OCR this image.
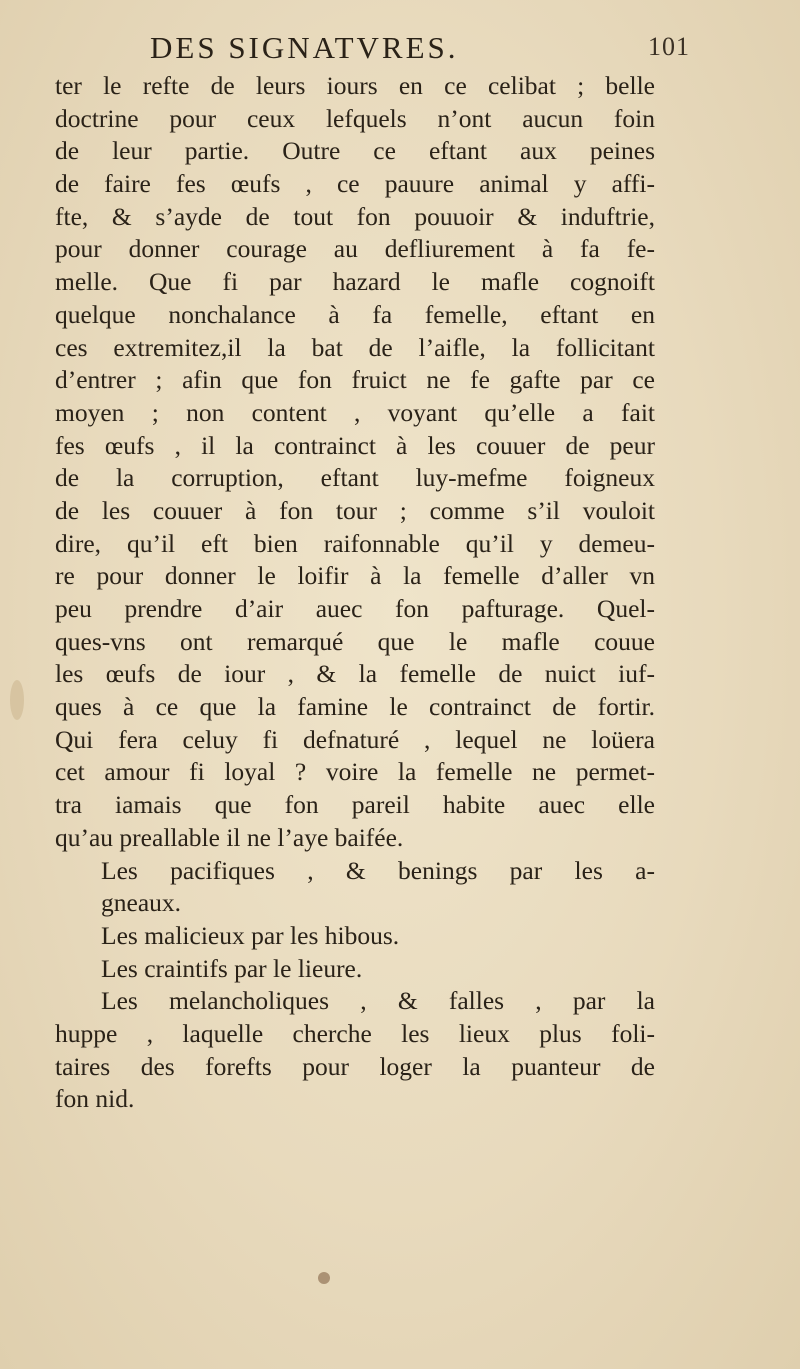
DES SIGNATVRES.	101
ter le refte de leurs iours en ce celibat ; belle
doctrine pour ceux lefquels n’ont aucun foin
de leur partie. Outre ce eftant aux peines
de faire fes œufs , ce pauure animal y affi-
fte, & s’ayde de tout fon pouuoir & induftrie,
pour donner courage au defliurement à fa fe-
melle. Que fi par hazard le mafle cognoift
quelque nonchalance à fa femelle, eftant en
ces extremitez,il la bat de l’aifle, la follicitant
d’entrer ; afin que fon fruict ne fe gafte par ce
moyen ; non content , voyant qu’elle a fait
fes œufs , il la contrainct à les couuer de peur
de la corruption, eftant luy-mefme foigneux
de les couuer à fon tour ; comme s’il vouloit
dire, qu’il eft bien raifonnable qu’il y demeu-
re pour donner le loifir à la femelle d’aller vn
peu prendre d’air auec fon pafturage. Quel-
ques-vns ont remarqué que le mafle couue
les œufs de iour , & la femelle de nuict iuf-
ques à ce que la famine le contrainct de fortir.
Qui fera celuy fi defnaturé , lequel ne loüera
cet amour fi loyal ? voire la femelle ne permet-
tra iamais que fon pareil habite auec elle
qu’au preallable il ne l’aye baifée.
Les pacifiques , & benings par les a-
gneaux.
Les malicieux par les hibous.
Les craintifs par le lieure.
Les melancholiques , & falles , par la
huppe , laquelle cherche les lieux plus foli-
taires des forefts pour loger la puanteur de
fon nid.
